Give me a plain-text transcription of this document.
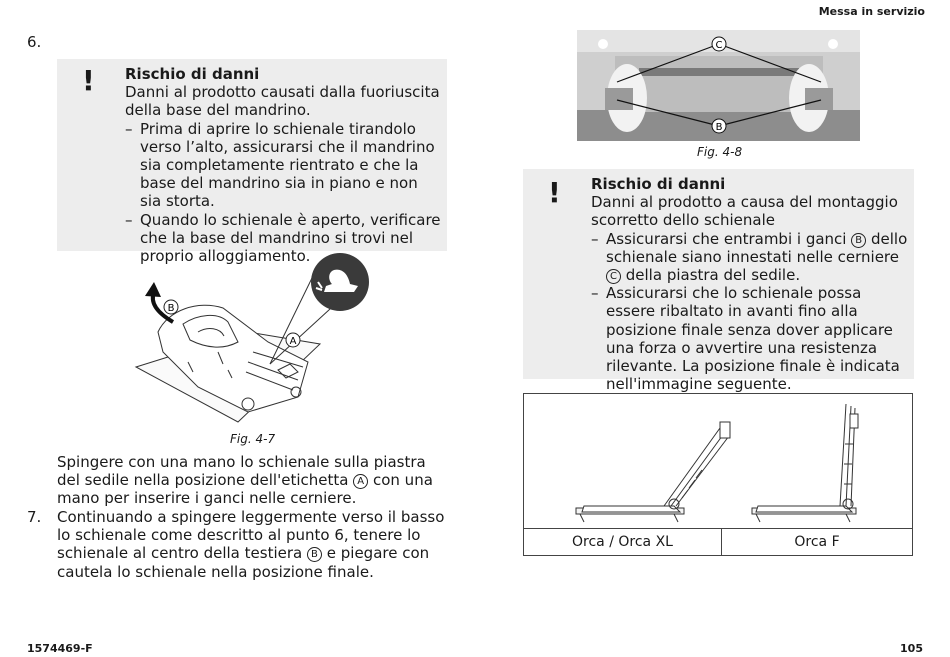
Messa in servizio
6.
! Rischio di danni

Danni al prodotto causati dalla fuoriuscita della base del mandrino.

– Prima di aprire lo schienale tirandolo verso l’alto, assicurarsi che il mandrino sia completamente rientrato e che la base del mandrino sia in piano e non sia storta.
– Quando lo schienale è aperto, verificare che la base del mandrino si trovi nel proprio alloggiamento.
B
A
Fig. 4-7
Spingere con una mano lo schienale sulla piastra del sedile nella posizione dell'etichetta A con una mano per inserire i ganci nelle cerniere.
7. Continuando a spingere leggermente verso il basso lo schienale come descritto al punto 6, tenere lo schienale al centro della testiera B e piegare con cautela lo schienale nella posizione finale.
C
B
Fig. 4-8
! Rischio di danni

Danni al prodotto a causa del montaggio scorretto dello schienale

– Assicurarsi che entrambi i ganci B dello schienale siano innestati nelle cerniere C della piastra del sedile.
– Assicurarsi che lo schienale possa essere ribaltato in avanti fino alla posizione finale senza dover applicare una forza o avvertire una resistenza rilevante. La posizione finale è indicata nell'immagine seguente.
Orca / Orca XL	Orca F
1574469-F	105
